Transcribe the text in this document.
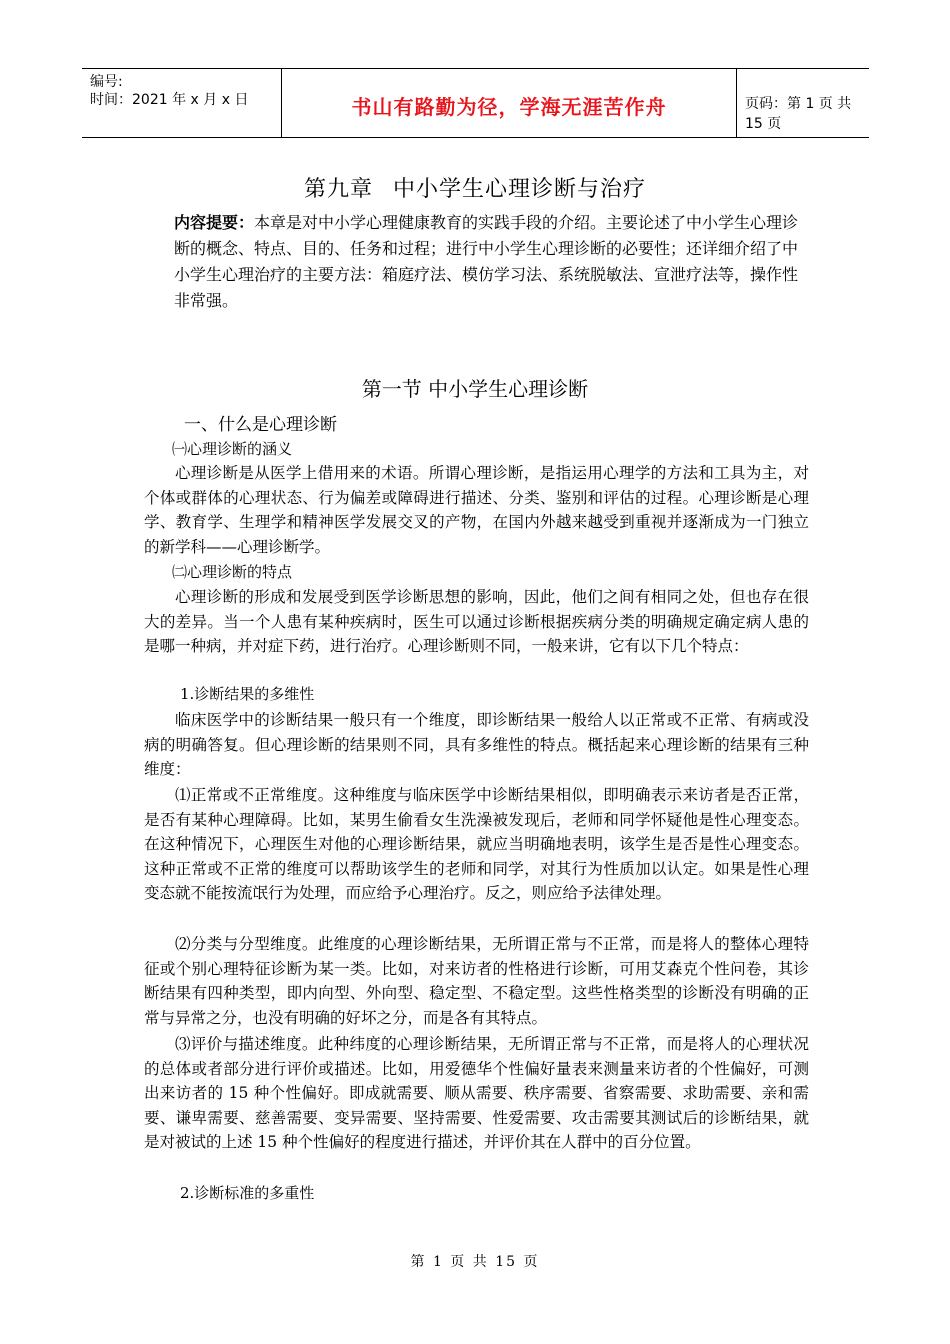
编号:
时间：2021 年 x 月 x 日	书山有路勤为径，学海无涯苦作舟	页码：第 1 页 共 15 页
第九章 中小学生心理诊断与治疗
内容提要：本章是对中小学心理健康教育的实践手段的介绍。主要论述了中小学生心理诊断的概念、特点、目的、任务和过程；进行中小学生心理诊断的必要性；还详细介绍了中小学生心理治疗的主要方法：箱庭疗法、模仿学习法、系统脱敏法、宣泄疗法等，操作性非常强。
第一节 中小学生心理诊断
一、什么是心理诊断
㈠心理诊断的涵义

心理诊断是从医学上借用来的术语。所谓心理诊断，是指运用心理学的方法和工具为主，对个体或群体的心理状态、行为偏差或障碍进行描述、分类、鉴别和评估的过程。心理诊断是心理学、教育学、生理学和精神医学发展交叉的产物，在国内外越来越受到重视并逐渐成为一门独立的新学科——心理诊断学。

㈡心理诊断的特点

心理诊断的形成和发展受到医学诊断思想的影响，因此，他们之间有相同之处，但也存在很大的差异。当一个人患有某种疾病时，医生可以通过诊断根据疾病分类的明确规定确定病人患的是哪一种病，并对症下药，进行治疗。心理诊断则不同，一般来讲，它有以下几个特点：

1.诊断结果的多维性

临床医学中的诊断结果一般只有一个维度，即诊断结果一般给人以正常或不正常、有病或没病的明确答复。但心理诊断的结果则不同，具有多维性的特点。概括起来心理诊断的结果有三种维度：

⑴正常或不正常维度。这种维度与临床医学中诊断结果相似，即明确表示来访者是否正常，是否有某种心理障碍。比如，某男生偷看女生洗澡被发现后，老师和同学怀疑他是性心理变态。在这种情况下，心理医生对他的心理诊断结果，就应当明确地表明，该学生是否是性心理变态。这种正常或不正常的维度可以帮助该学生的老师和同学，对其行为性质加以认定。如果是性心理变态就不能按流氓行为处理，而应给予心理治疗。反之，则应给予法律处理。

⑵分类与分型维度。此维度的心理诊断结果，无所谓正常与不正常，而是将人的整体心理特征或个别心理特征诊断为某一类。比如，对来访者的性格进行诊断，可用艾森克个性问卷，其诊断结果有四种类型，即内向型、外向型、稳定型、不稳定型。这些性格类型的诊断没有明确的正常与异常之分，也没有明确的好坏之分，而是各有其特点。

⑶评价与描述维度。此种纬度的心理诊断结果，无所谓正常与不正常，而是将人的心理状况的总体或者部分进行评价或描述。比如，用爱德华个性偏好量表来测量来访者的个性偏好，可测出来访者的 15 种个性偏好。即成就需要、顺从需要、秩序需要、省察需要、求助需要、亲和需要、谦卑需要、慈善需要、变异需要、坚持需要、性爱需要、攻击需要其测试后的诊断结果，就是对被试的上述 15 种个性偏好的程度进行描述，并评价其在人群中的百分位置。

2.诊断标准的多重性
第 1 页 共 15 页
